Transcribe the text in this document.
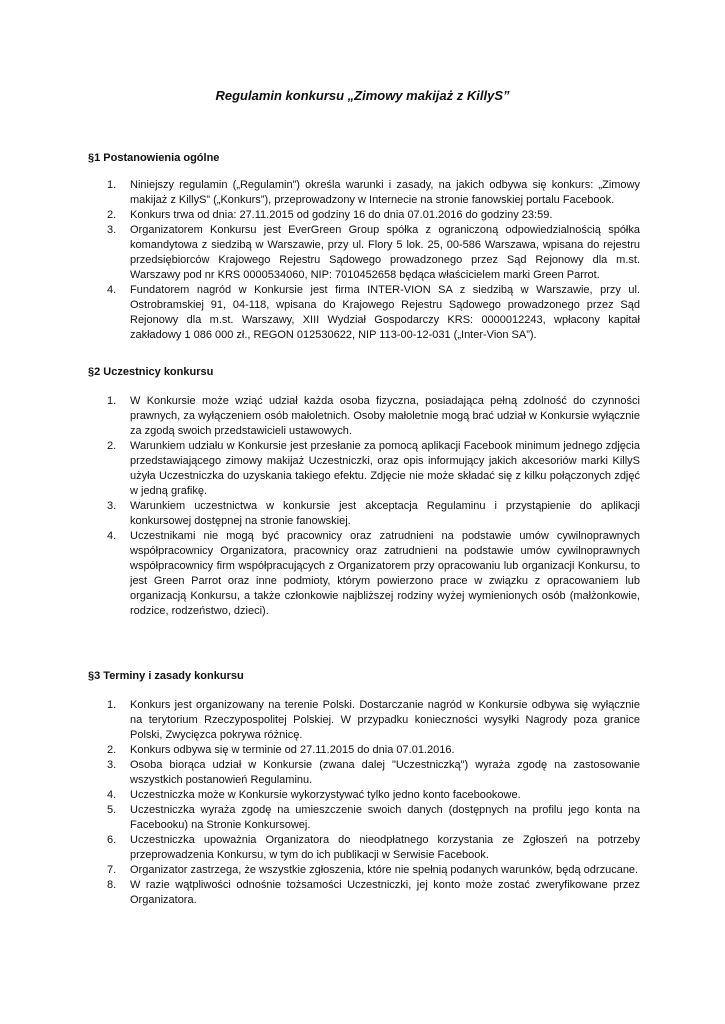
Regulamin konkursu „Zimowy makijaż z KillyS”
§1 Postanowienia ogólne
1. Niniejszy regulamin („Regulamin”) określa warunki i zasady, na jakich odbywa się konkurs: „Zimowy makijaż z KillyS” („Konkurs”), przeprowadzony w Internecie na stronie fanowskiej portalu Facebook.
2. Konkurs trwa od dnia: 27.11.2015 od godziny 16 do dnia 07.01.2016 do godziny 23:59.
3. Organizatorem Konkursu jest EverGreen Group spółka z ograniczoną odpowiedzialnością spółka komandytowa z siedzibą w Warszawie, przy ul. Flory 5 lok. 25, 00-586 Warszawa, wpisana do rejestru przedsiębiorców Krajowego Rejestru Sądowego prowadzonego przez Sąd Rejonowy dla m.st. Warszawy pod nr KRS 0000534060, NIP: 7010452658 będąca właścicielem marki Green Parrot.
4. Fundatorem nagród w Konkursie jest firma INTER-VION SA z siedzibą w Warszawie, przy ul. Ostrobramskiej 91, 04-118, wpisana do Krajowego Rejestru Sądowego prowadzonego przez Sąd Rejonowy dla m.st. Warszawy, XIII Wydział Gospodarczy KRS: 0000012243, wpłacony kapitał zakładowy 1 086 000 zł., REGON 012530622, NIP 113-00-12-031 („Inter-Vion SA”).
§2 Uczestnicy konkursu
1. W Konkursie może wziąć udział każda osoba fizyczna, posiadająca pełną zdolność do czynności prawnych, za wyłączeniem osób małoletnich. Osoby małoletnie mogą brać udział w Konkursie wyłącznie za zgodą swoich przedstawicieli ustawowych.
2. Warunkiem udziału w Konkursie jest przesłanie za pomocą aplikacji Facebook minimum jednego zdjęcia przedstawiającego zimowy makijaż Uczestniczki, oraz opis informujący jakich akcesoriów marki KillyS użyła Uczestniczka do uzyskania takiego efektu. Zdjęcie nie może składać się z kilku połączonych zdjęć w jedną grafikę.
3. Warunkiem uczestnictwa w konkursie jest akceptacja Regulaminu i przystąpienie do aplikacji konkursowej dostępnej na stronie fanowskiej.
4. Uczestnikami nie mogą być pracownicy oraz zatrudnieni na podstawie umów cywilnoprawnych współpracownicy Organizatora, pracownicy oraz zatrudnieni na podstawie umów cywilnoprawnych współpracownicy firm współpracujących z Organizatorem przy opracowaniu lub organizacji Konkursu, to jest Green Parrot oraz inne podmioty, którym powierzono prace w związku z opracowaniem lub organizacją Konkursu, a także członkowie najbliższej rodziny wyżej wymienionych osób (małżonkowie, rodzice, rodzeństwo, dzieci).
§3 Terminy i zasady konkursu
1. Konkurs jest organizowany na terenie Polski. Dostarczanie nagród w Konkursie odbywa się wyłącznie na terytorium Rzeczypospolitej Polskiej. W przypadku konieczności wysyłki Nagrody poza granice Polski, Zwycięzca pokrywa różnicę.
2. Konkurs odbywa się w terminie od 27.11.2015 do dnia 07.01.2016.
3. Osoba biorąca udział w Konkursie (zwana dalej "Uczestniczką") wyraża zgodę na zastosowanie wszystkich postanowień Regulaminu.
4. Uczestniczka może w Konkursie wykorzystywać tylko jedno konto facebookowe.
5. Uczestniczka wyraża zgodę na umieszczenie swoich danych (dostępnych na profilu jego konta na Facebooku) na Stronie Konkursowej.
6. Uczestniczka upoważnia Organizatora do nieodpłatnego korzystania ze Zgłoszeń na potrzeby przeprowadzenia Konkursu, w tym do ich publikacji w Serwisie Facebook.
7. Organizator zastrzega, że wszystkie zgłoszenia, które nie spełnią podanych warunków, będą odrzucane.
8. W razie wątpliwości odnośnie tożsamości Uczestniczki, jej konto może zostać zweryfikowane przez Organizatora.
